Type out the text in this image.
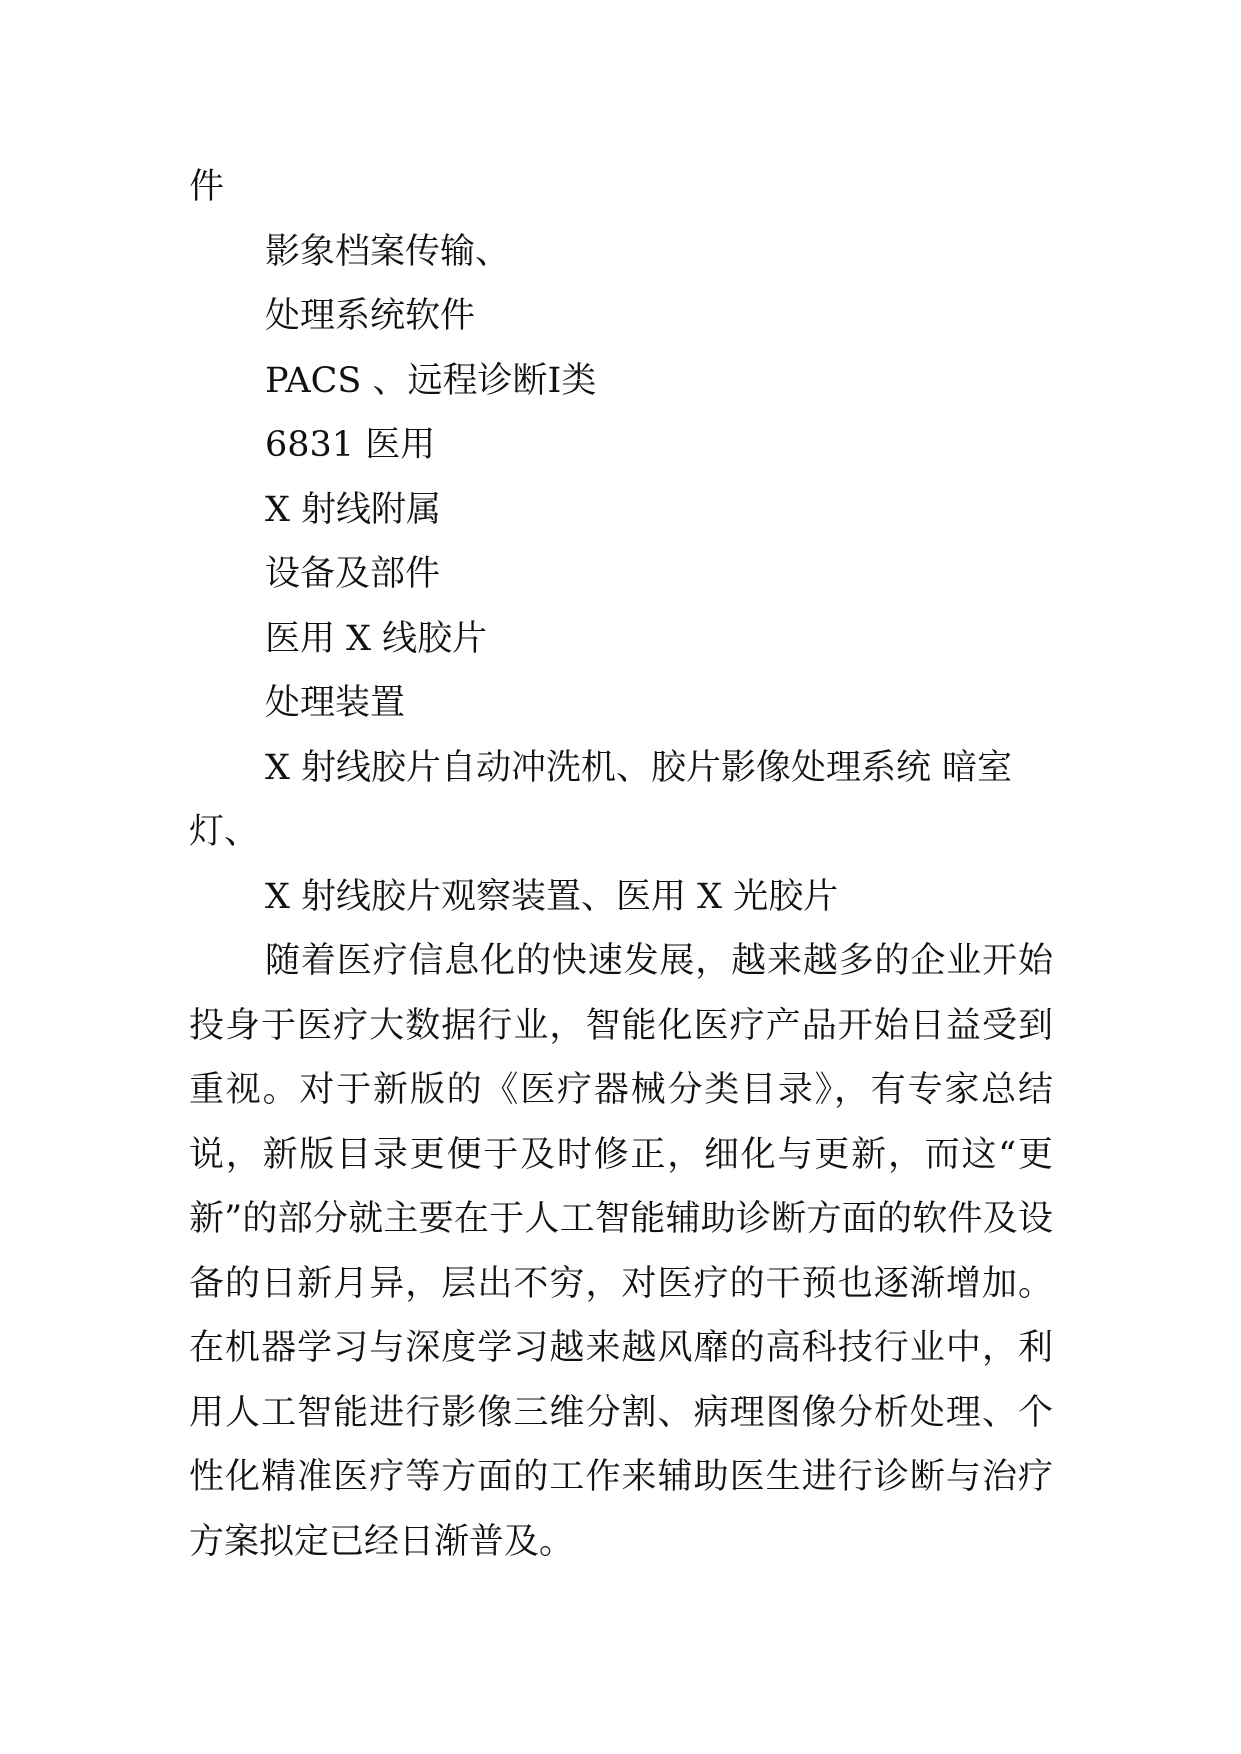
件
影象档案传输、
处理系统软件
PACS 、远程诊断Ⅰ类
6831 医用
X 射线附属
设备及部件
医用 X 线胶片
处理装置
X 射线胶片自动冲洗机、胶片影像处理系统 暗室
灯、
X 射线胶片观察装置、医用 X 光胶片

随着医疗信息化的快速发展，越来越多的企业开始投身于医疗大数据行业，智能化医疗产品开始日益受到重视。对于新版的《医疗器械分类目录》，有专家总结说，新版目录更便于及时修正，细化与更新，而这“更新”的部分就主要在于人工智能辅助诊断方面的软件及设备的日新月异，层出不穷，对医疗的干预也逐渐增加。在机器学习与深度学习越来越风靡的高科技行业中，利用人工智能进行影像三维分割、病理图像分析处理、个性化精准医疗等方面的工作来辅助医生进行诊断与治疗方案拟定已经日渐普及。
